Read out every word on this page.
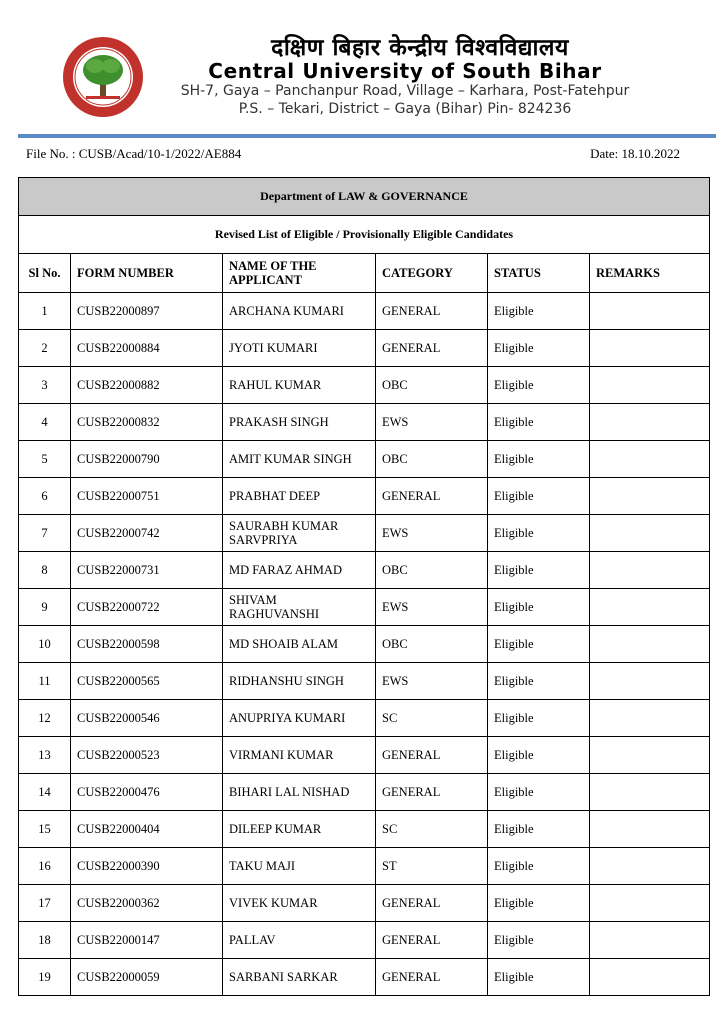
दक्षिण बिहार केन्द्रीय विश्वविद्यालय
Central University of South Bihar
SH-7, Gaya – Panchanpur Road, Village – Karhara, Post-Fatehpur
P.S. – Tekari, District – Gaya (Bihar) Pin- 824236
File No. : CUSB/Acad/10-1/2022/AE884	Date: 18.10.2022
Department of LAW & GOVERNANCE					
Revised List of Eligible / Provisionally Eligible Candidates					
Sl No.	FORM NUMBER	NAME OF THE APPLICANT	CATEGORY	STATUS	REMARKS
1	CUSB22000897	ARCHANA KUMARI	GENERAL	Eligible	
2	CUSB22000884	JYOTI KUMARI	GENERAL	Eligible	
3	CUSB22000882	RAHUL KUMAR	OBC	Eligible	
4	CUSB22000832	PRAKASH SINGH	EWS	Eligible	
5	CUSB22000790	AMIT KUMAR SINGH	OBC	Eligible	
6	CUSB22000751	PRABHAT DEEP	GENERAL	Eligible	
7	CUSB22000742	SAURABH KUMAR SARVPRIYA	EWS	Eligible	
8	CUSB22000731	MD FARAZ AHMAD	OBC	Eligible	
9	CUSB22000722	SHIVAM RAGHUVANSHI	EWS	Eligible	
10	CUSB22000598	MD SHOAIB ALAM	OBC	Eligible	
11	CUSB22000565	RIDHANSHU SINGH	EWS	Eligible	
12	CUSB22000546	ANUPRIYA KUMARI	SC	Eligible	
13	CUSB22000523	VIRMANI KUMAR	GENERAL	Eligible	
14	CUSB22000476	BIHARI LAL NISHAD	GENERAL	Eligible	
15	CUSB22000404	DILEEP KUMAR	SC	Eligible	
16	CUSB22000390	TAKU MAJI	ST	Eligible	
17	CUSB22000362	VIVEK KUMAR	GENERAL	Eligible	
18	CUSB22000147	PALLAV	GENERAL	Eligible	
19	CUSB22000059	SARBANI SARKAR	GENERAL	Eligible	
